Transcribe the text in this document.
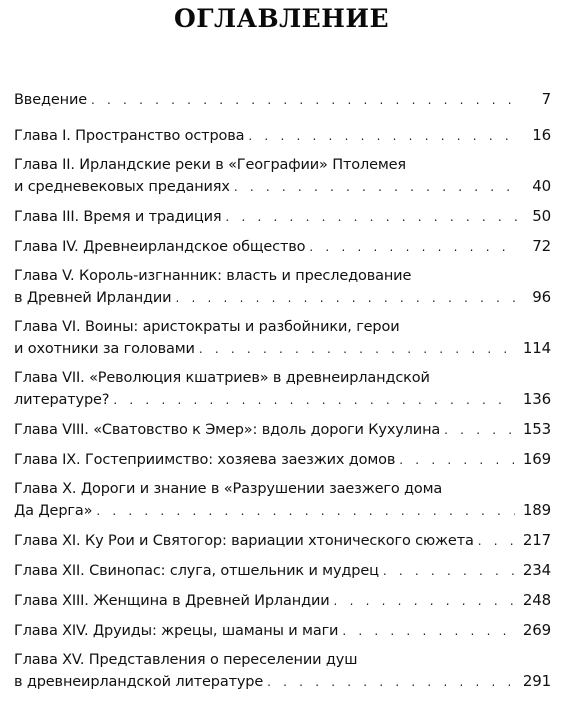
ОГЛАВЛЕНИЕ
Введение . . .	7
Глава I. Пространство острова . . .	16
Глава II. Ирландские реки в «Географии» Птолемея
и средневековых преданиях . . .	40
Глава III. Время и традиция . . .	50
Глава IV. Древнеирландское общество . . .	72
Глава V. Король-изгнанник: власть и преследование
в Древней Ирландии . . .	96
Глава VI. Воины: аристократы и разбойники, герои
и охотники за головами . . .	114
Глава VII. «Революция кшатриев» в древнеирландской
литературе? . . .	136
Глава VIII. «Сватовство к Эмер»: вдоль дороги Кухулина . . .	153
Глава IX. Гостеприимство: хозяева заезжих домов . . .	169
Глава X. Дороги и знание в «Разрушении заезжего дома
Да Дерга» . . .	189
Глава XI. Ку Рои и Святогор: вариации хтонического сюжета . . .	217
Глава XII. Свинопас: слуга, отшельник и мудрец . . .	234
Глава XIII. Женщина в Древней Ирландии . . .	248
Глава XIV. Друиды: жрецы, шаманы и маги . . .	269
Глава XV. Представления о переселении душ
в древнеирландской литературе . . .	291
